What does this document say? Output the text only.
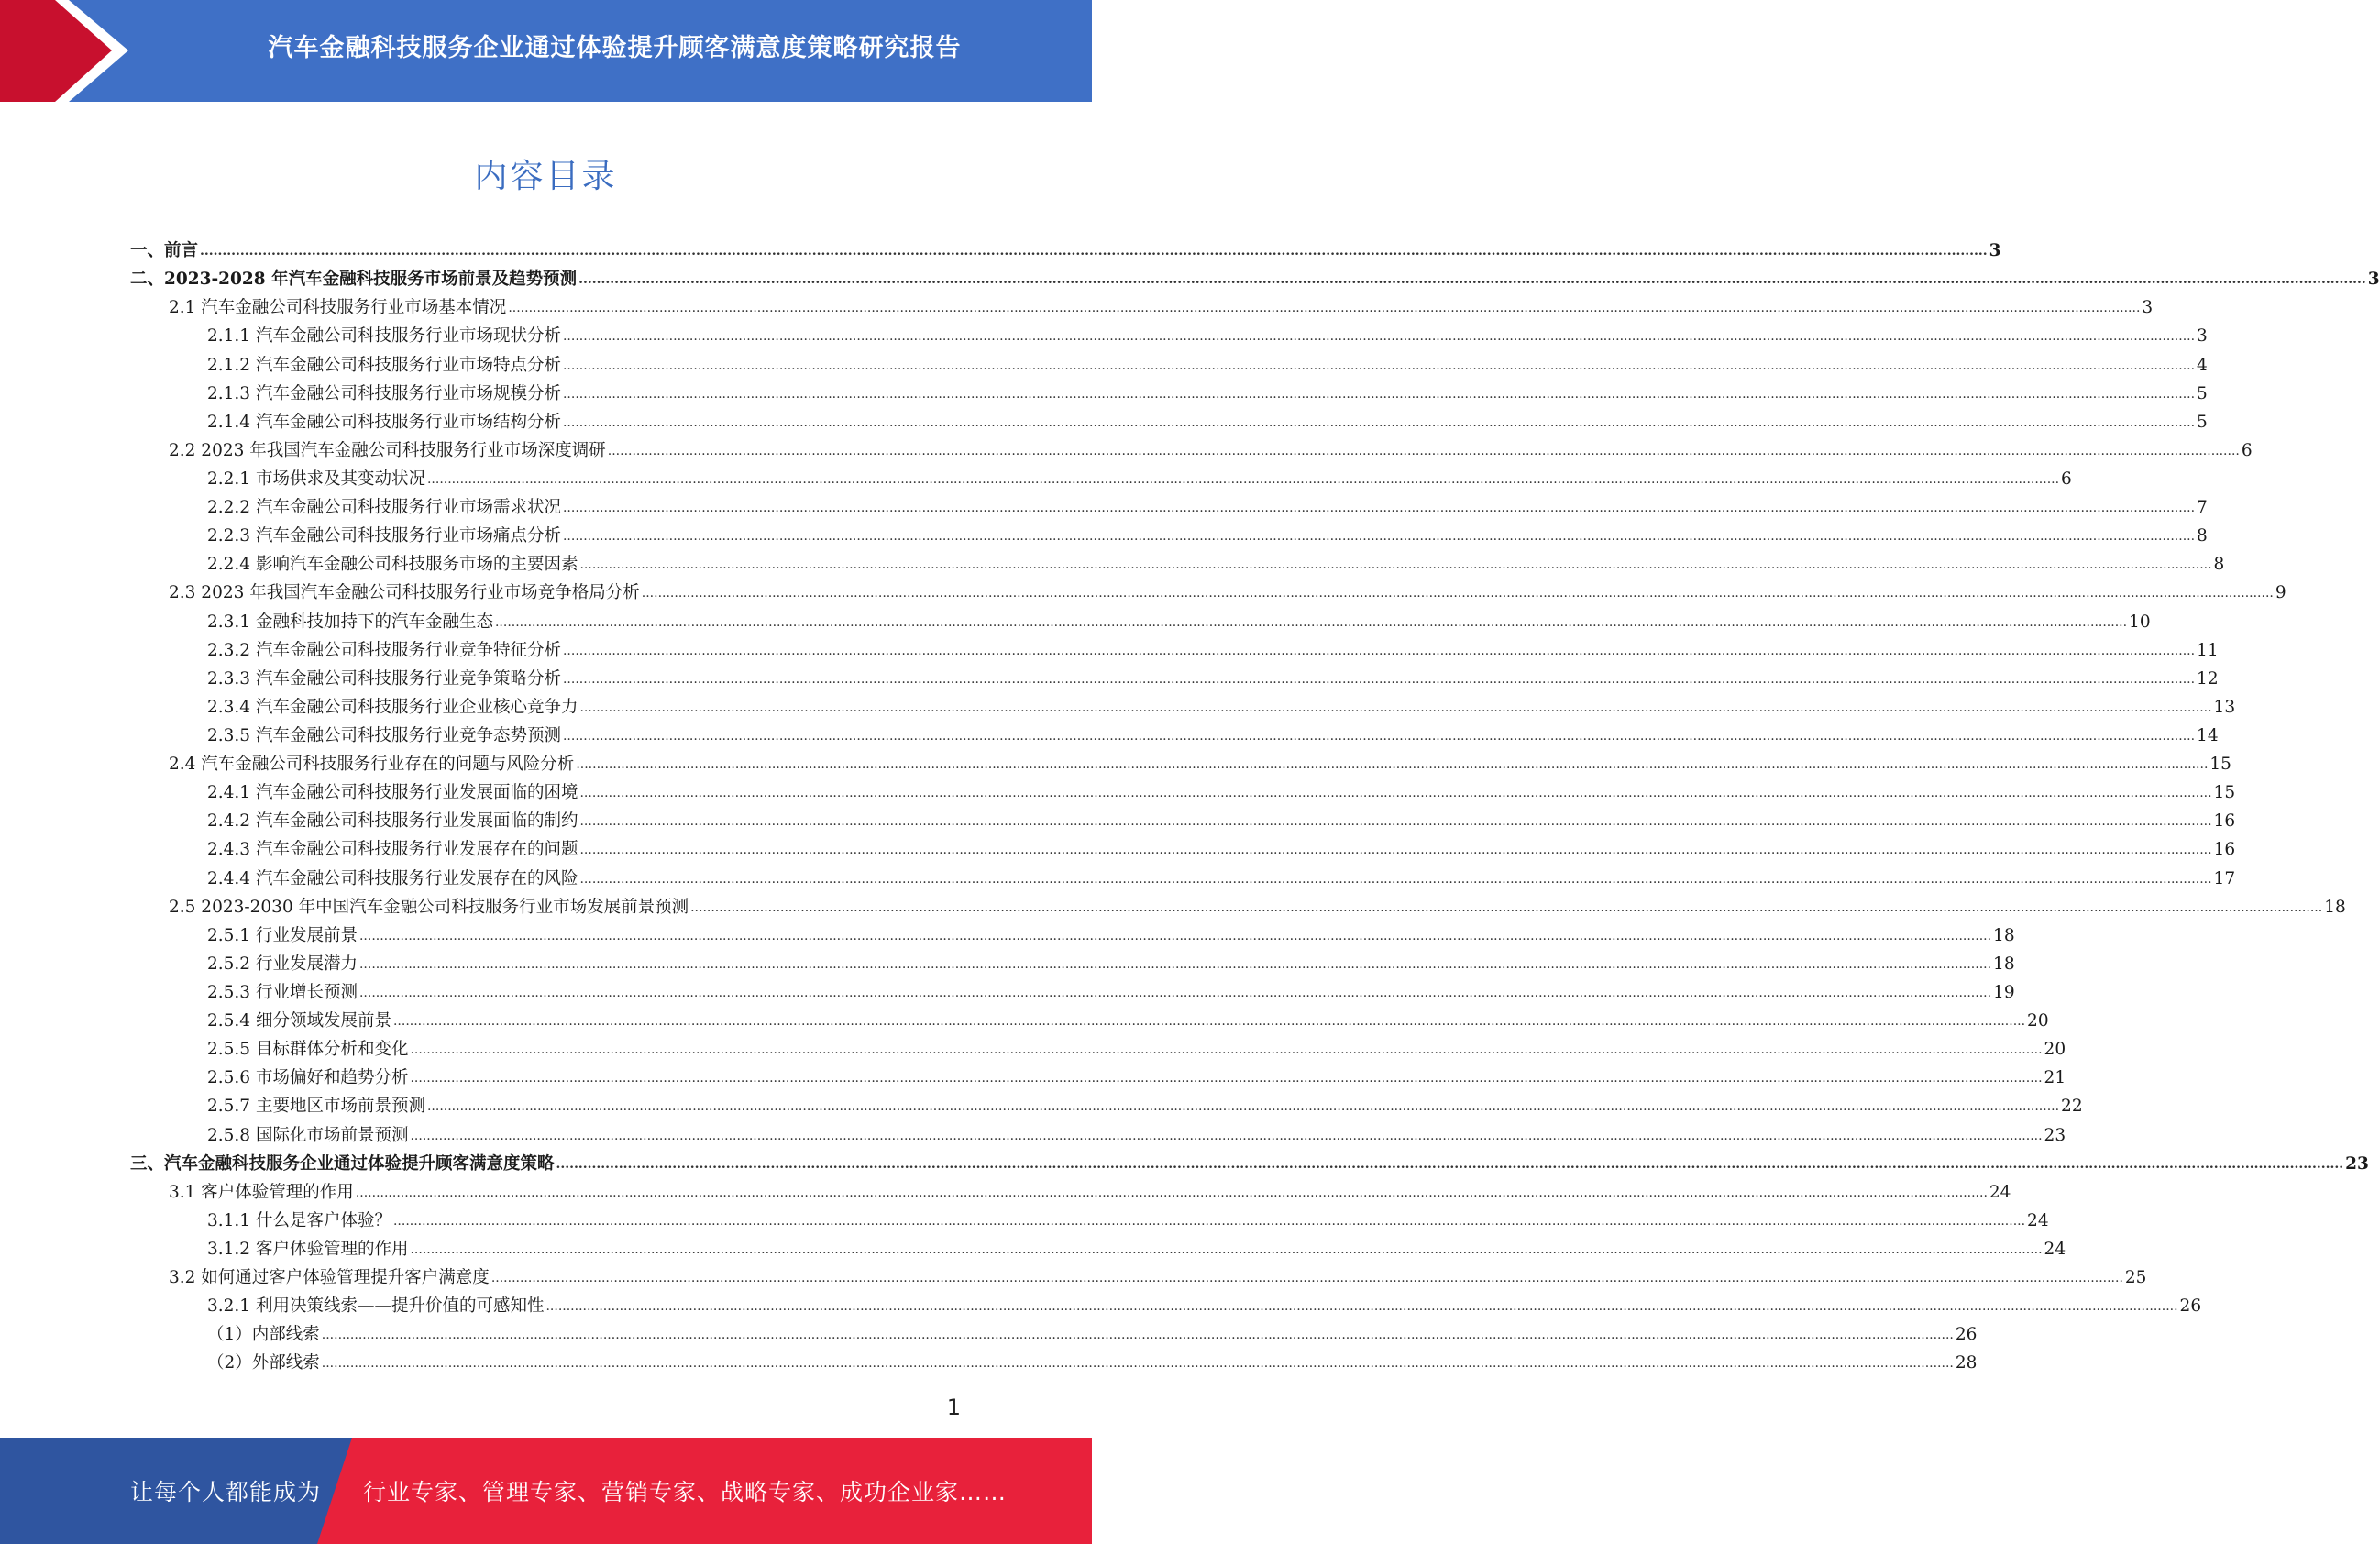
汽车金融科技服务企业通过体验提升顾客满意度策略研究报告
内容目录
一、前言 ................................................................................................................................................................................................................................................................................................................................................................................................................ 3
二、2023-2028 年汽车金融科技服务市场前景及趋势预测 ................................................................................................................................................................................................................................................................................................................................................................................................................ 3
2.1 汽车金融公司科技服务行业市场基本情况 ................................................................................................................................................................................................................................................................................................................................................................................................................ 3
2.1.1 汽车金融公司科技服务行业市场现状分析 ................................................................................................................................................................................................................................................................................................................................................................................................................ 3
2.1.2 汽车金融公司科技服务行业市场特点分析 ................................................................................................................................................................................................................................................................................................................................................................................................................ 4
2.1.3 汽车金融公司科技服务行业市场规模分析 ................................................................................................................................................................................................................................................................................................................................................................................................................ 5
2.1.4 汽车金融公司科技服务行业市场结构分析 ................................................................................................................................................................................................................................................................................................................................................................................................................ 5
2.2 2023 年我国汽车金融公司科技服务行业市场深度调研 ................................................................................................................................................................................................................................................................................................................................................................................................................ 6
2.2.1 市场供求及其变动状况 ................................................................................................................................................................................................................................................................................................................................................................................................................ 6
2.2.2 汽车金融公司科技服务行业市场需求状况 ................................................................................................................................................................................................................................................................................................................................................................................................................ 7
2.2.3 汽车金融公司科技服务行业市场痛点分析 ................................................................................................................................................................................................................................................................................................................................................................................................................ 8
2.2.4 影响汽车金融公司科技服务市场的主要因素 ................................................................................................................................................................................................................................................................................................................................................................................................................ 8
2.3 2023 年我国汽车金融公司科技服务行业市场竞争格局分析 ................................................................................................................................................................................................................................................................................................................................................................................................................ 9
2.3.1 金融科技加持下的汽车金融生态 ................................................................................................................................................................................................................................................................................................................................................................................................................ 10
2.3.2 汽车金融公司科技服务行业竞争特征分析 ................................................................................................................................................................................................................................................................................................................................................................................................................ 11
2.3.3 汽车金融公司科技服务行业竞争策略分析 ................................................................................................................................................................................................................................................................................................................................................................................................................ 12
2.3.4 汽车金融公司科技服务行业企业核心竞争力 ................................................................................................................................................................................................................................................................................................................................................................................................................ 13
2.3.5 汽车金融公司科技服务行业竞争态势预测 ................................................................................................................................................................................................................................................................................................................................................................................................................ 14
2.4 汽车金融公司科技服务行业存在的问题与风险分析 ................................................................................................................................................................................................................................................................................................................................................................................................................ 15
2.4.1 汽车金融公司科技服务行业发展面临的困境 ................................................................................................................................................................................................................................................................................................................................................................................................................ 15
2.4.2 汽车金融公司科技服务行业发展面临的制约 ................................................................................................................................................................................................................................................................................................................................................................................................................ 16
2.4.3 汽车金融公司科技服务行业发展存在的问题 ................................................................................................................................................................................................................................................................................................................................................................................................................ 16
2.4.4 汽车金融公司科技服务行业发展存在的风险 ................................................................................................................................................................................................................................................................................................................................................................................................................ 17
2.5 2023-2030 年中国汽车金融公司科技服务行业市场发展前景预测 ................................................................................................................................................................................................................................................................................................................................................................................................................ 18
2.5.1 行业发展前景 ................................................................................................................................................................................................................................................................................................................................................................................................................ 18
2.5.2 行业发展潜力 ................................................................................................................................................................................................................................................................................................................................................................................................................ 18
2.5.3 行业增长预测 ................................................................................................................................................................................................................................................................................................................................................................................................................ 19
2.5.4 细分领域发展前景 ................................................................................................................................................................................................................................................................................................................................................................................................................ 20
2.5.5 目标群体分析和变化 ................................................................................................................................................................................................................................................................................................................................................................................................................ 20
2.5.6 市场偏好和趋势分析 ................................................................................................................................................................................................................................................................................................................................................................................................................ 21
2.5.7 主要地区市场前景预测 ................................................................................................................................................................................................................................................................................................................................................................................................................ 22
2.5.8 国际化市场前景预测 ................................................................................................................................................................................................................................................................................................................................................................................................................ 23
三、汽车金融科技服务企业通过体验提升顾客满意度策略 ................................................................................................................................................................................................................................................................................................................................................................................................................ 23
3.1 客户体验管理的作用 ................................................................................................................................................................................................................................................................................................................................................................................................................ 24
3.1.1 什么是客户体验？ ................................................................................................................................................................................................................................................................................................................................................................................................................ 24
3.1.2 客户体验管理的作用 ................................................................................................................................................................................................................................................................................................................................................................................................................ 24
3.2 如何通过客户体验管理提升客户满意度 ................................................................................................................................................................................................................................................................................................................................................................................................................ 25
3.2.1 利用决策线索——提升价值的可感知性 ................................................................................................................................................................................................................................................................................................................................................................................................................ 26
（1）内部线索 ................................................................................................................................................................................................................................................................................................................................................................................................................ 26
（2）外部线索 ................................................................................................................................................................................................................................................................................................................................................................................................................ 28
1
让每个人都能成为 行业专家、管理专家、营销专家、战略专家、成功企业家……
